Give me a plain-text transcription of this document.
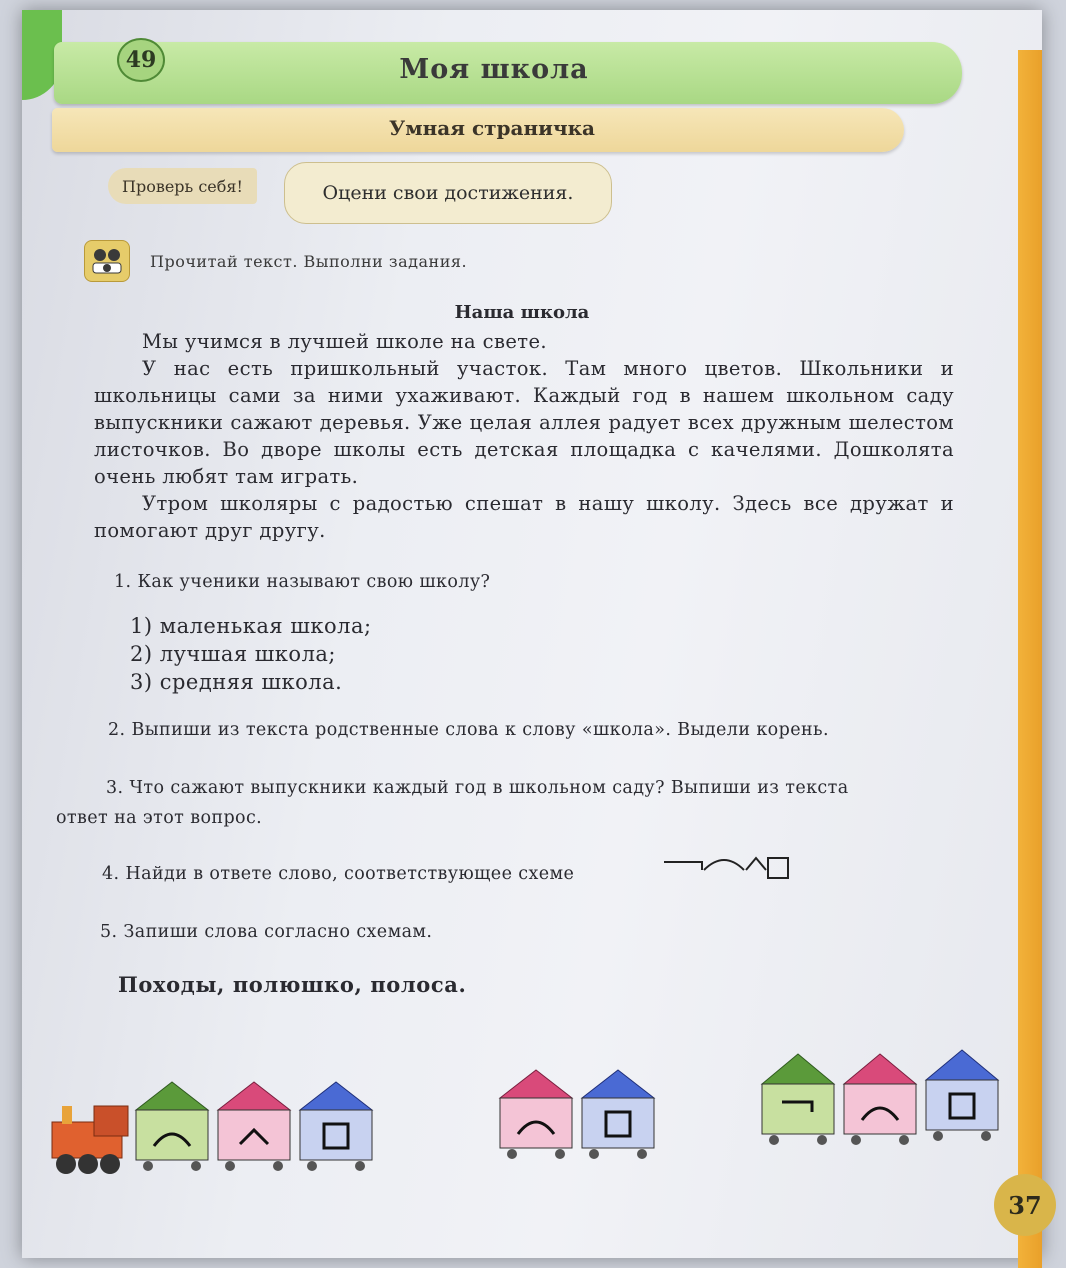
Моя школа
49
Умная страничка
Проверь себя!	Оцени свои достижения.
Прочитай текст. Выполни задания.
Наша школа

Мы учимся в лучшей школе на свете.

У нас есть пришкольный участок. Там много цветов. Школьники и школьницы сами за ними ухаживают. Каждый год в нашем школьном саду выпускники сажают деревья. Уже целая аллея радует всех дружным шелестом листочков. Во дворе школы есть детская площадка с качелями. Дошколята очень любят там играть.

Утром школяры с радостью спешат в нашу школу. Здесь все дружат и помогают друг другу.

1. Как ученики называют свою школу?
1) маленькая школа;
2) лучшая школа;
3) средняя школа.
2. Выпиши из текста родственные слова к слову «школа». Выдели корень.
3. Что сажают выпускники каждый год в школьном саду? Выпиши из текста
ответ на этот вопрос.
4. Найди в ответе слово, соответствующее схеме
5. Запиши слова согласно схемам.
Походы, полюшко, полоса.
37
